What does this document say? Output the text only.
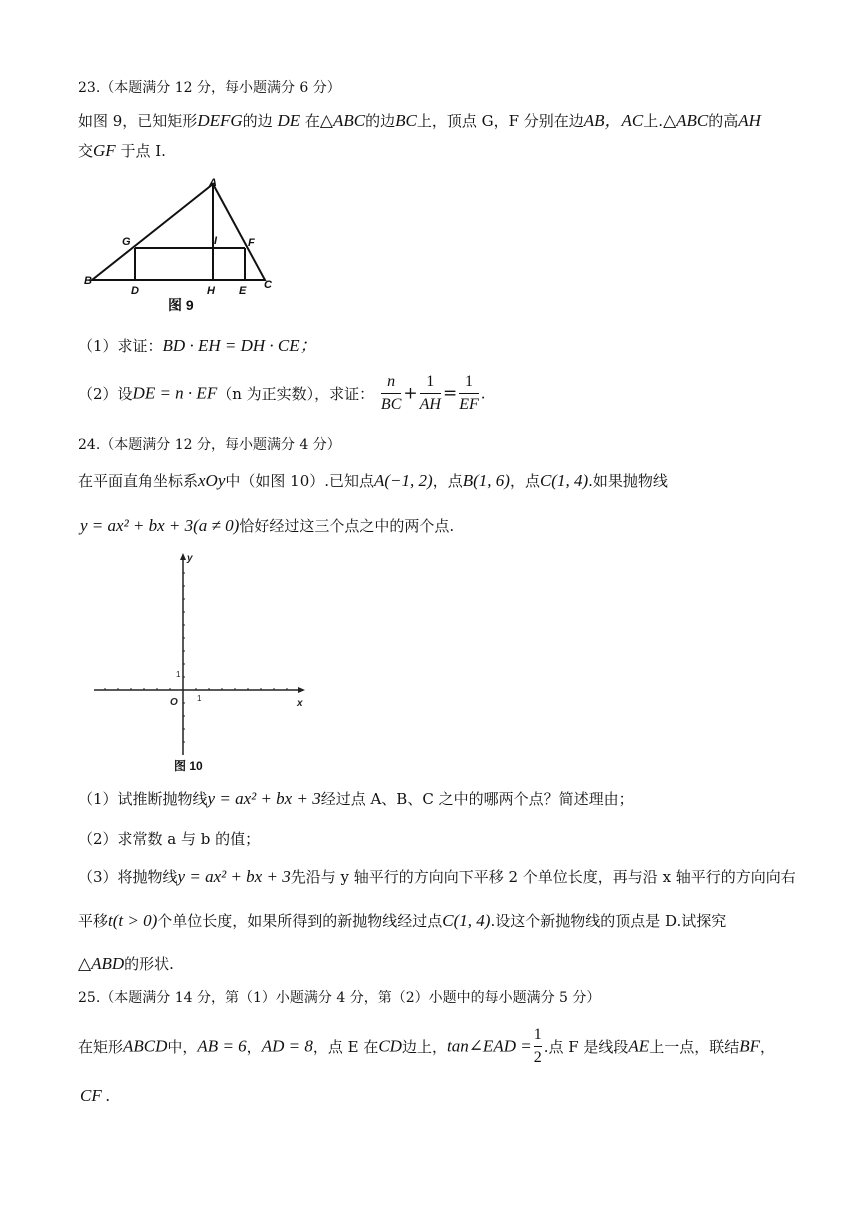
23.（本题满分 12 分，每小题满分 6 分）
如图 9，已知矩形DEFG的边 DE 在△ABC的边BC上，顶点 G，F 分别在边AB，AC上.△ABC的高AH
交GF 于点 I.
A
B	C
D	E
F
G
H
I
图 9
（1）求证：BD · EH = DH · CE；
（2）设DE = n · EF（n 为正实数），求证： $\frac{n}{BC} + \frac{1}{AH} = \frac{1}{EF}$ .
24.（本题满分 12 分，每小题满分 4 分）
在平面直角坐标系xOy中（如图 10）.已知点A(−1, 2)，点B(1, 6)，点C(1, 4).如果抛物线
y = ax² + bx + 3(a ≠ 0)恰好经过这三个点之中的两个点.
y
x
O 1
1
图 10
（1）试推断抛物线y = ax² + bx + 3经过点 A、B、C 之中的哪两个点？简述理由；
（2）求常数 a 与 b 的值；
（3）将抛物线y = ax² + bx + 3先沿与 y 轴平行的方向向下平移 2 个单位长度，再与沿 x 轴平行的方向向右
平移t(t > 0)个单位长度，如果所得到的新抛物线经过点C(1, 4).设这个新抛物线的顶点是 D.试探究
△ABD的形状.
25.（本题满分 14 分，第（1）小题满分 4 分，第（2）小题中的每小题满分 5 分）
在矩形ABCD中，AB = 6，AD = 8，点 E 在CD边上，tan∠EAD = $\frac{1}{2}$ .点 F 是线段AE上一点，联结BF，
CF .
